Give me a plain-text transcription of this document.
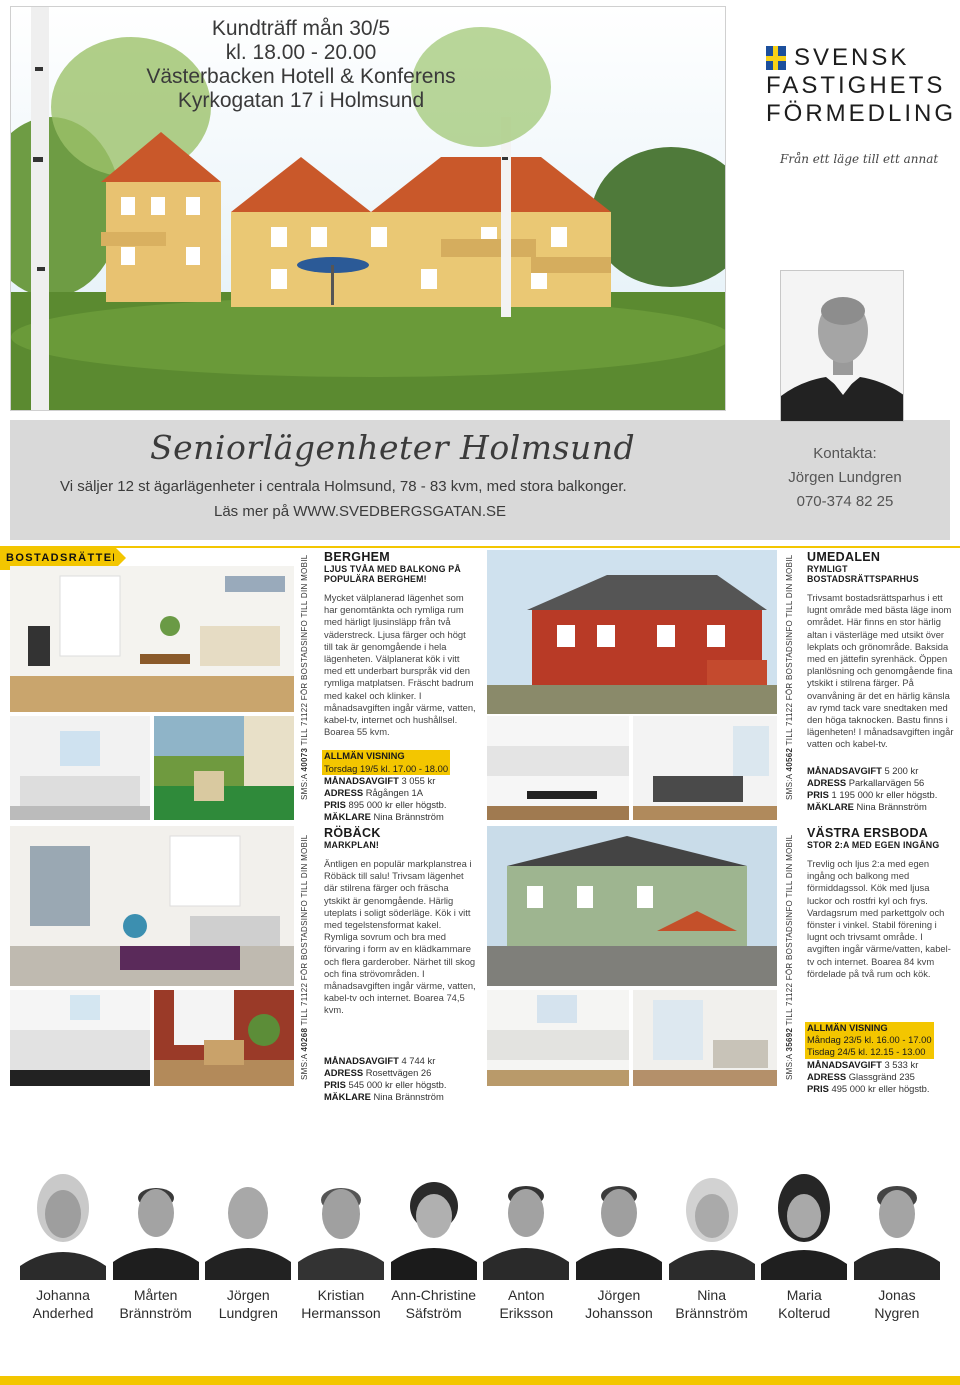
Kundträff mån 30/5
kl. 18.00 - 20.00
Västerbacken Hotell & Konferens
Kyrkogatan 17 i Holmsund
SVENSK
FASTIGHETS
FÖRMEDLING
Från ett läge till ett annat
Seniorlägenheter Holmsund
Vi säljer 12 st ägarlägenheter i centrala Holmsund, 78 - 83 kvm, med stora balkonger.
Läs mer på WWW.SVEDBERGSGATAN.SE
Kontakta:
Jörgen Lundgren
070-374 82 25
BOSTADSRÄTTER
SMS:A 40073 TILL 71122 FÖR BOSTADSINFO TILL DIN MOBIL
SMS:A 40268 TILL 71122 FÖR BOSTADSINFO TILL DIN MOBIL
SMS:A 40562 TILL 71122 FÖR BOSTADSINFO TILL DIN MOBIL
SMS:A 35692 TILL 71122 FÖR BOSTADSINFO TILL DIN MOBIL
BERGHEM
LJUS TVÅA MED BALKONG PÅ POPULÄRA BERGHEM!
Mycket välplanerad lägenhet som har genomtänkta och rymliga rum med härligt ljusinsläpp från två väderstreck. Ljusa färger och högt till tak är genomgående i hela lägenheten. Välplanerat kök i vitt med ett underbart burspråk vid den rymliga matplatsen. Fräscht badrum med kakel och klinker. I månadsavgiften ingår värme, vatten, kabel-tv, internet och hushållsel. Boarea 55 kvm.
ALLMÄN VISNING
Torsdag 19/5 kl. 17.00 - 18.00
MÅNADSAVGIFT 3 055 kr
ADRESS Rågången 1A
PRIS 895 000 kr eller högstb.
MÄKLARE Nina Brännström
RÖBÄCK
MARKPLAN!
Äntligen en populär markplanstrea i Röbäck till salu! Trivsam lägenhet där stilrena färger och fräscha ytskikt är genomgående. Härlig uteplats i soligt söderläge. Kök i vitt med tegelstensformat kakel. Rymliga sovrum och bra med förvaring i form av en klädkammare och flera garderober. Närhet till skog och fina strövområden. I månadsavgiften ingår värme, vatten, kabel-tv och internet. Boarea 74,5 kvm.
MÅNADSAVGIFT 4 744 kr
ADRESS Rosettvägen 26
PRIS 545 000 kr eller högstb.
MÄKLARE Nina Brännström
UMEDALEN
RYMLIGT BOSTADSRÄTTSPARHUS
Trivsamt bostadsrättsparhus i ett lugnt område med bästa läge inom området. Här finns en stor härlig altan i västerläge med utsikt över lekplats och grönområde. Baksida med en jättefin syrenhäck. Öppen planlösning och genomgående fina ytskikt i stilrena färger. På ovanvåning är det en härlig känsla av rymd tack vare snedtaken med den höga taknocken. Bastu finns i lägenheten! I månadsavgiften ingår vatten och kabel-tv.
MÅNADSAVGIFT 5 200 kr
ADRESS Parkallarvägen 56
PRIS 1 195 000 kr eller högstb.
MÄKLARE Nina Brännström
VÄSTRA ERSBODA
STOR 2:A MED EGEN INGÅNG
Trevlig och ljus 2:a med egen ingång och balkong med förmiddagssol. Kök med ljusa luckor och rostfri kyl och frys. Vardagsrum med parkettgolv och fönster i vinkel. Stabil förening i lugnt och trivsamt område. I avgiften ingår värme/vatten, kabel-tv och internet. Boarea 84 kvm fördelade på två rum och kök.
ALLMÄN VISNING
Måndag 23/5 kl. 16.00 - 17.00
Tisdag 24/5 kl. 12.15 - 13.00
MÅNADSAVGIFT 3 533 kr
ADRESS Glassgränd 235
PRIS 495 000 kr eller högstb.
Johanna
Anderhed
Mårten
Brännström
Jörgen
Lundgren
Kristian
Hermansson
Ann-Christine
Säfström
Anton
Eriksson
Jörgen
Johansson
Nina
Brännström
Maria
Kolterud
Jonas
Nygren
